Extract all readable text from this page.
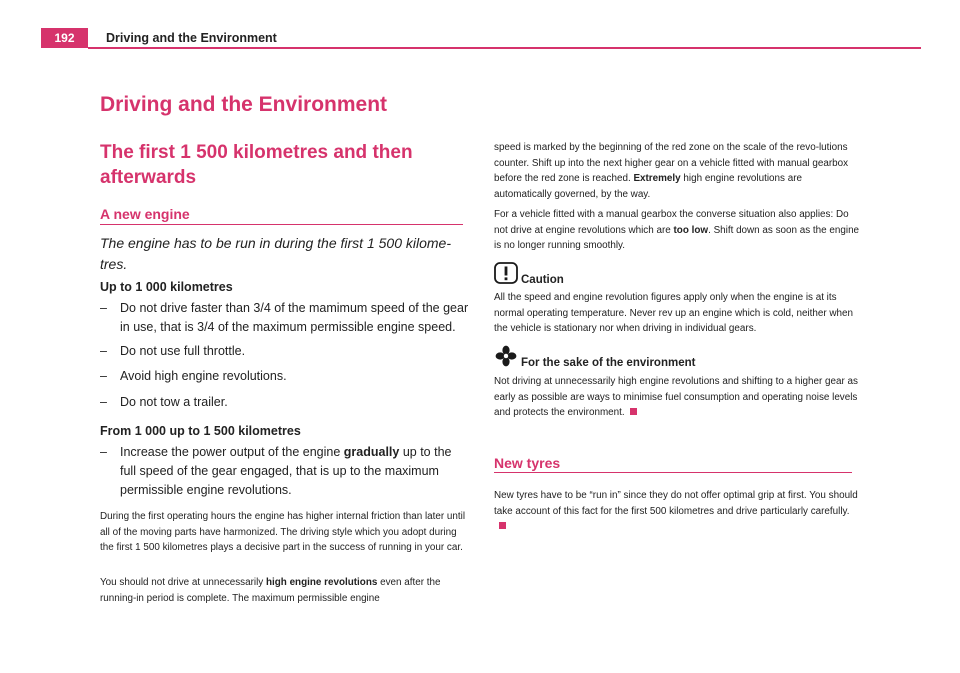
192	Driving and the Environment
Driving and the Environment
The first 1 500 kilometres and then afterwards
A new engine

The engine has to be run in during the first 1 500 kilome-tres.

Up to 1 000 kilometres
– Do not drive faster than 3/4 of the mamimum speed of the gear in use, that is 3/4 of the maximum permissible engine speed.
– Do not use full throttle.
– Avoid high engine revolutions.
– Do not tow a trailer.
From 1 000 up to 1 500 kilometres
– Increase the power output of the engine gradually up to the full speed of the gear engaged, that is up to the maximum permissible engine revolutions.

During the first operating hours the engine has higher internal friction than later until all of the moving parts have harmonized. The driving style which you adopt during the first 1 500 kilometres plays a decisive part in the success of running in your car.

You should not drive at unnecessarily high engine revolutions even after the running-in period is complete. The maximum permissible engine

speed is marked by the beginning of the red zone on the scale of the revo-lutions counter. Shift up into the next higher gear on a vehicle fitted with manual gearbox before the red zone is reached. Extremely high engine revolutions are automatically governed, by the way.

For a vehicle fitted with a manual gearbox the converse situation also applies: Do not drive at engine revolutions which are too low. Shift down as soon as the engine is no longer running smoothly.

Caution

All the speed and engine revolution figures apply only when the engine is at its normal operating temperature. Never rev up an engine which is cold, neither when the vehicle is stationary nor when driving in individual gears.

For the sake of the environment

Not driving at unnecessarily high engine revolutions and shifting to a higher gear as early as possible are ways to minimise fuel consumption and operating noise levels and protects the environment.

New tyres

New tyres have to be “run in” since they do not offer optimal grip at first. You should take account of this fact for the first 500 kilometres and drive particularly carefully.
